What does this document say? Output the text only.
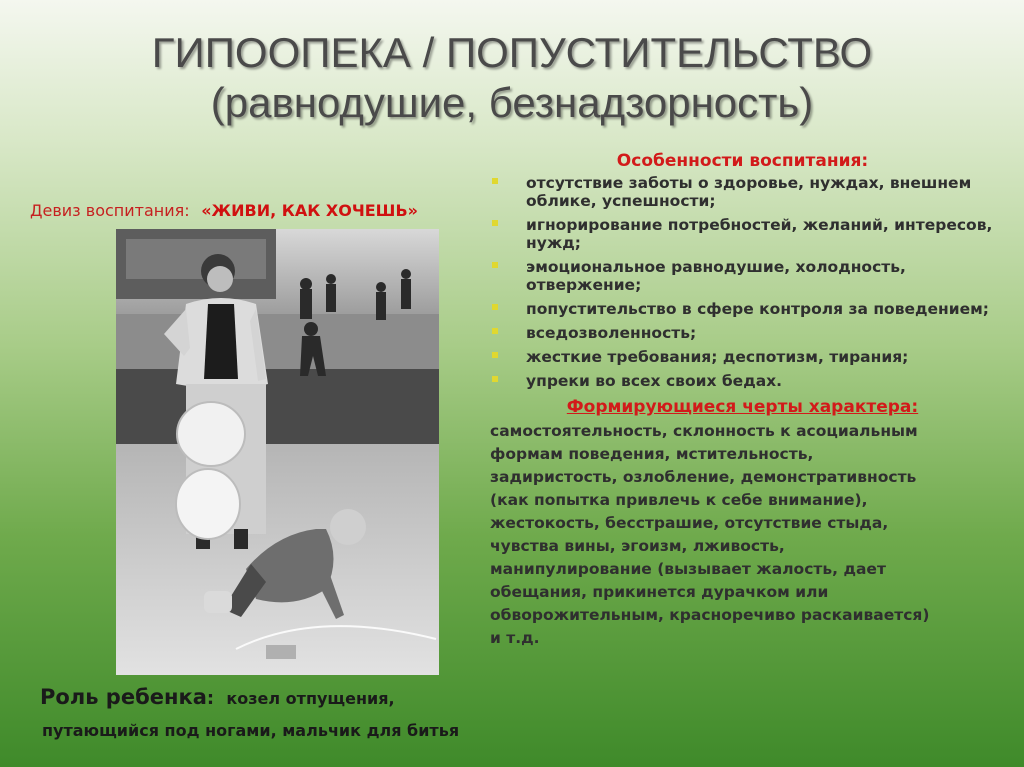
ГИПООПЕКА / ПОПУСТИТЕЛЬСТВО
(равнодушие, безнадзорность)
Девиз воспитания: «ЖИВИ, КАК ХОЧЕШЬ»
Роль ребенка: козел отпущения,
путающийся под ногами, мальчик для битья
Особенности воспитания:
отсутствие заботы о здоровье, нуждах, внешнем облике, успешности;
игнорирование потребностей, желаний, интересов, нужд;
эмоциональное равнодушие, холодность, отвержение;
попустительство в сфере контроля за поведением;
вседозволенность;
жесткие требования; деспотизм, тирания;
упреки во всех своих бедах.
Формирующиеся черты характера:
самостоятельность, склонность к асоциальным
формам поведения, мстительность,
задиристость, озлобление, демонстративность
(как попытка привлечь к себе внимание),
жестокость, бесстрашие, отсутствие стыда,
чувства вины, эгоизм, лживость,
манипулирование (вызывает жалость, дает
обещания, прикинется дурачком или
обворожительным, красноречиво раскаивается)
и т.д.
